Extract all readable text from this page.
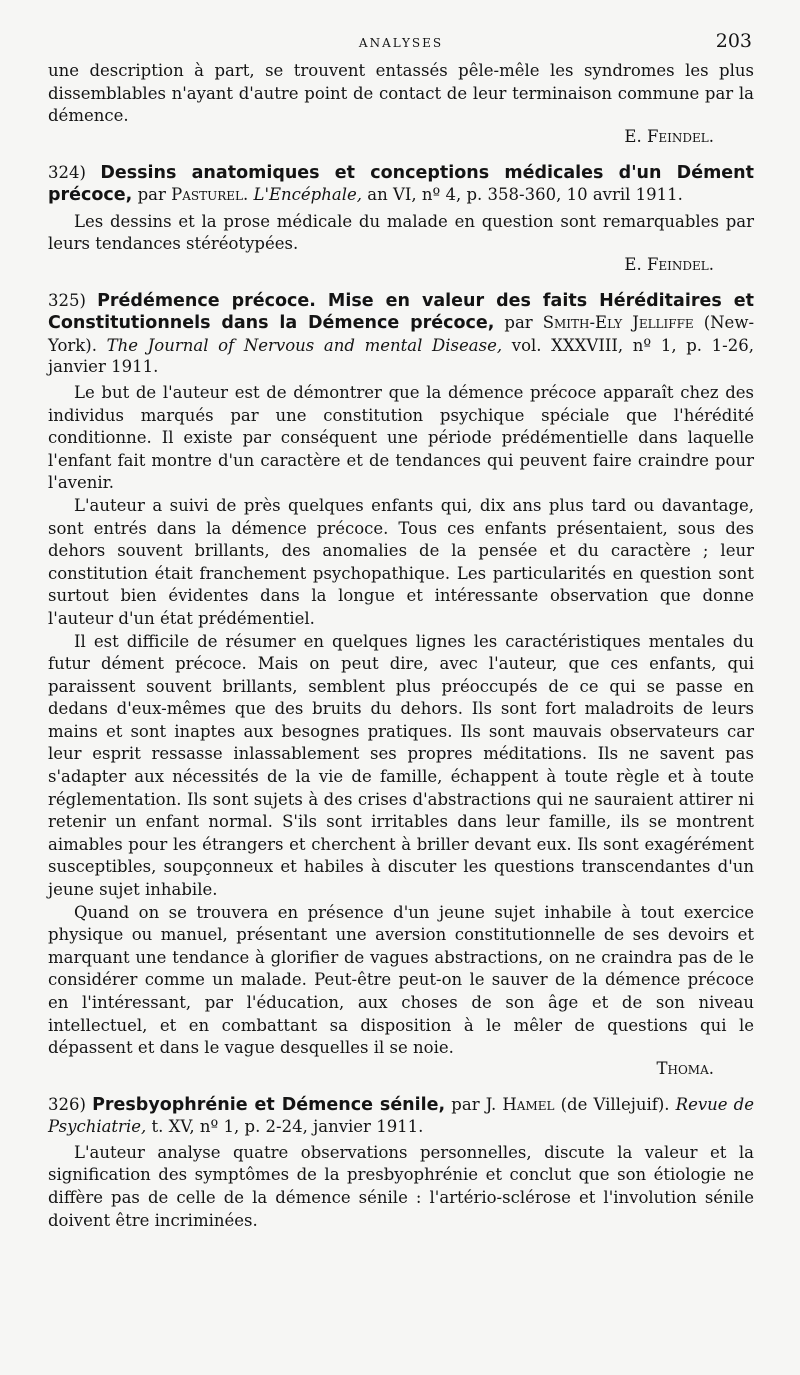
ANALYSES	203

une description à part, se trouvent entassés pêle-mêle les syndromes les plus dissemblables n'ayant d'autre point de contact de leur terminaison commune par la démence.

E. Feindel.
324) Dessins anatomiques et conceptions médicales d'un Dément précoce, par Pasturel. L'Encéphale, an VI, nº 4, p. 358-360, 10 avril 1911.

Les dessins et la prose médicale du malade en question sont remarquables par leurs tendances stéréotypées.

E. Feindel.
325) Prédémence précoce. Mise en valeur des faits Héréditaires et Constitutionnels dans la Démence précoce, par Smith-Ely Jelliffe (New-York). The Journal of Nervous and mental Disease, vol. XXXVIII, nº 1, p. 1-26, janvier 1911.

Le but de l'auteur est de démontrer que la démence précoce apparaît chez des individus marqués par une constitution psychique spéciale que l'hérédité conditionne. Il existe par conséquent une période prédémentielle dans laquelle l'enfant fait montre d'un caractère et de tendances qui peuvent faire craindre pour l'avenir.

L'auteur a suivi de près quelques enfants qui, dix ans plus tard ou davantage, sont entrés dans la démence précoce. Tous ces enfants présentaient, sous des dehors souvent brillants, des anomalies de la pensée et du caractère ; leur constitution était franchement psychopathique. Les particularités en question sont surtout bien évidentes dans la longue et intéressante observation que donne l'auteur d'un état prédémentiel.

Il est difficile de résumer en quelques lignes les caractéristiques mentales du futur dément précoce. Mais on peut dire, avec l'auteur, que ces enfants, qui paraissent souvent brillants, semblent plus préoccupés de ce qui se passe en dedans d'eux-mêmes que des bruits du dehors. Ils sont fort maladroits de leurs mains et sont inaptes aux besognes pratiques. Ils sont mauvais observateurs car leur esprit ressasse inlassablement ses propres méditations. Ils ne savent pas s'adapter aux nécessités de la vie de famille, échappent à toute règle et à toute réglementation. Ils sont sujets à des crises d'abstractions qui ne sauraient attirer ni retenir un enfant normal. S'ils sont irritables dans leur famille, ils se montrent aimables pour les étrangers et cherchent à briller devant eux. Ils sont exagérément susceptibles, soupçonneux et habiles à discuter les questions transcendantes d'un jeune sujet inhabile.

Quand on se trouvera en présence d'un jeune sujet inhabile à tout exercice physique ou manuel, présentant une aversion constitutionnelle de ses devoirs et marquant une tendance à glorifier de vagues abstractions, on ne craindra pas de le considérer comme un malade. Peut-être peut-on le sauver de la démence précoce en l'intéressant, par l'éducation, aux choses de son âge et de son niveau intellectuel, et en combattant sa disposition à le mêler de questions qui le dépassent et dans le vague desquelles il se noie.

Thoma.
326) Presbyophrénie et Démence sénile, par J. Hamel (de Villejuif). Revue de Psychiatrie, t. XV, nº 1, p. 2-24, janvier 1911.

L'auteur analyse quatre observations personnelles, discute la valeur et la signification des symptômes de la presbyophrénie et conclut que son étiologie ne diffère pas de celle de la démence sénile : l'artério-sclérose et l'involution sénile doivent être incriminées.
